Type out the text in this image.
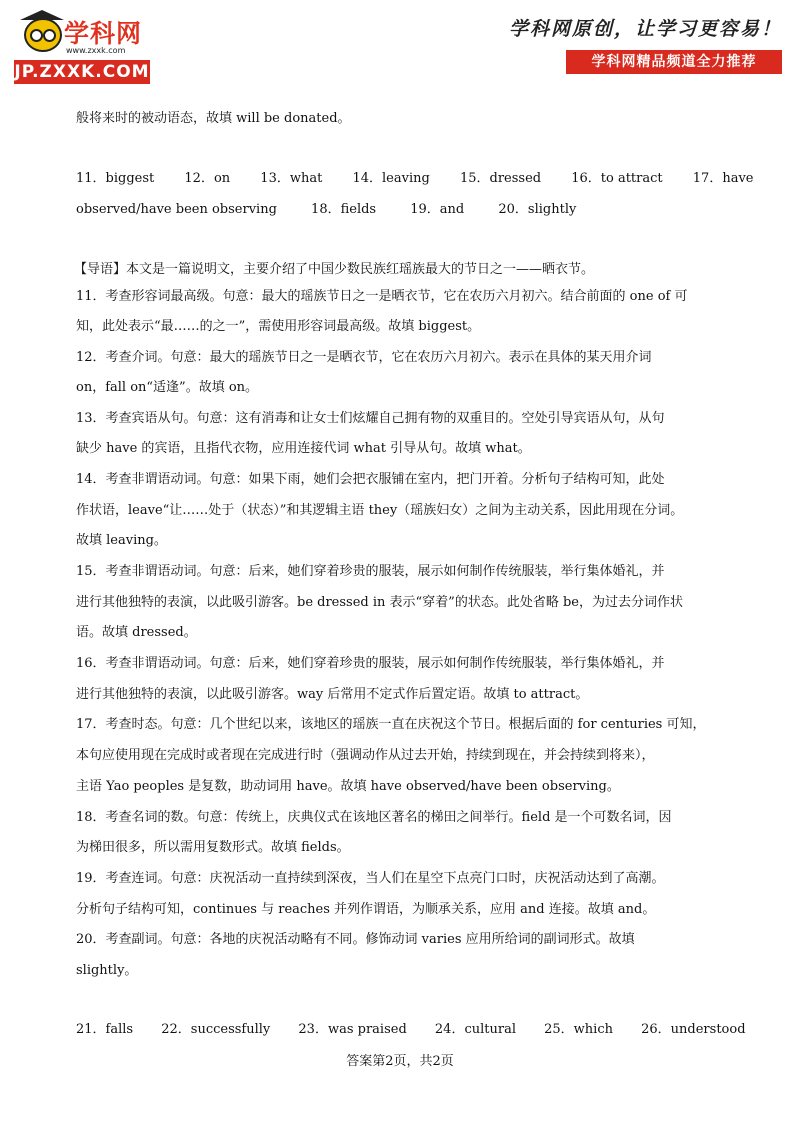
学科网
www.zxxk.com
JP.ZXXK.COM
学科网原创，让学习更容易！
学科网精品频道全力推荐
般将来时的被动语态，故填 will be donated。
11．biggest 12．on 13．what 14．leaving 15．dressed 16．to attract 17．have
observed/have been observing	18．fields	19．and	20．slightly
【导语】本文是一篇说明文，主要介绍了中国少数民族红瑶族最大的节日之一——晒衣节。
11．考查形容词最高级。句意：最大的瑶族节日之一是晒衣节，它在农历六月初六。结合前面的 one of 可
知，此处表示“最……的之一”，需使用形容词最高级。故填 biggest。
12．考查介词。句意：最大的瑶族节日之一是晒衣节，它在农历六月初六。表示在具体的某天用介词
on，fall on“适逢”。故填 on。
13．考查宾语从句。句意：这有消毒和让女士们炫耀自己拥有物的双重目的。空处引导宾语从句，从句
缺少 have 的宾语，且指代衣物，应用连接代词 what 引导从句。故填 what。
14．考查非谓语动词。句意：如果下雨，她们会把衣服铺在室内，把门开着。分析句子结构可知，此处
作状语，leave“让……处于（状态）”和其逻辑主语 they（瑶族妇女）之间为主动关系，因此用现在分词。
故填 leaving。
15．考查非谓语动词。句意：后来，她们穿着珍贵的服装，展示如何制作传统服装，举行集体婚礼，并
进行其他独特的表演，以此吸引游客。be dressed in 表示“穿着”的状态。此处省略 be，为过去分词作状
语。故填 dressed。
16．考查非谓语动词。句意：后来，她们穿着珍贵的服装，展示如何制作传统服装，举行集体婚礼，并
进行其他独特的表演，以此吸引游客。way 后常用不定式作后置定语。故填 to attract。
17．考查时态。句意：几个世纪以来，该地区的瑶族一直在庆祝这个节日。根据后面的 for centuries 可知，
本句应使用现在完成时或者现在完成进行时（强调动作从过去开始，持续到现在，并会持续到将来），
主语 Yao peoples 是复数，助动词用 have。故填 have observed/have been observing。
18．考查名词的数。句意：传统上，庆典仪式在该地区著名的梯田之间举行。field 是一个可数名词，因
为梯田很多，所以需用复数形式。故填 fields。
19．考查连词。句意：庆祝活动一直持续到深夜，当人们在星空下点亮门口时，庆祝活动达到了高潮。
分析句子结构可知，continues 与 reaches 并列作谓语，为顺承关系，应用 and 连接。故填 and。
20．考查副词。句意：各地的庆祝活动略有不同。修饰动词 varies 应用所给词的副词形式。故填
slightly。
21．falls 22．successfully 23．was praised 24．cultural 25．which 26．understood
答案第2页，共2页
